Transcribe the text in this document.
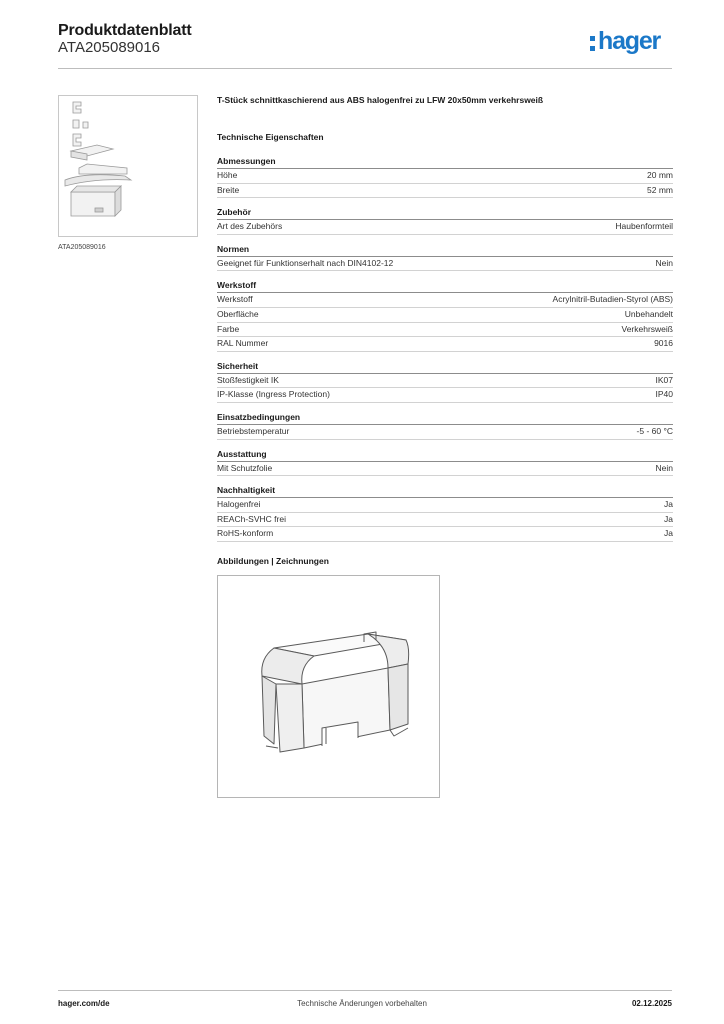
Produktdatenblatt
ATA205089016	hager
ATA205089016
T-Stück schnittkaschierend aus ABS halogenfrei zu LFW 20x50mm verkehrsweiß
Technische Eigenschaften
Abmessungen
Höhe	20 mm
Breite	52 mm
Zubehör
Art des Zubehörs	Haubenformteil
Normen
Geeignet für Funktionserhalt nach DIN4102-12	Nein
Werkstoff
Werkstoff	Acrylnitril-Butadien-Styrol (ABS)
Oberfläche	Unbehandelt
Farbe	Verkehrsweiß
RAL Nummer	9016
Sicherheit
Stoßfestigkeit IK	IK07
IP-Klasse (Ingress Protection)	IP40
Einsatzbedingungen
Betriebstemperatur	-5 - 60 °C
Ausstattung
Mit Schutzfolie	Nein
Nachhaltigkeit
Halogenfrei	Ja
REACh-SVHC frei	Ja
RoHS-konform	Ja
Abbildungen | Zeichnungen
hager.com/de	Technische Änderungen vorbehalten	02.12.2025
